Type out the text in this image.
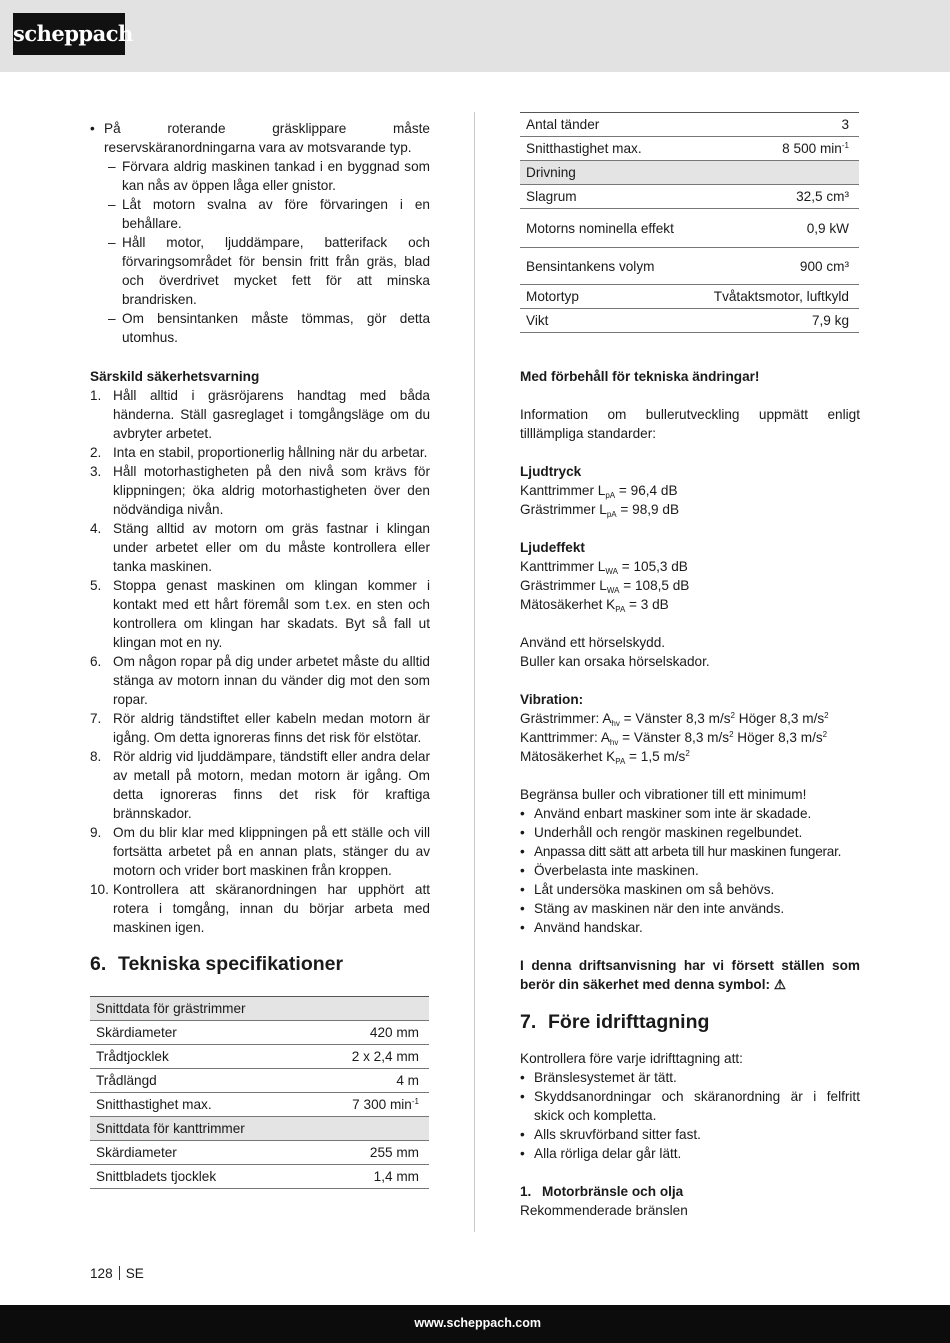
scheppach

• På roterande gräsklippare måste reservskäranordningarna vara av motsvarande typ.

– Förvara aldrig maskinen tankad i en byggnad som kan nås av öppen låga eller gnistor.

– Låt motorn svalna av före förvaringen i en behållare.

– Håll motor, ljuddämpare, batterifack och förvaringsområdet för bensin fritt från gräs, blad och överdrivet mycket fett för att minska brandrisken.

– Om bensintanken måste tömmas, gör detta utomhus.

Särskild säkerhetsvarning

1. Håll alltid i gräsröjarens handtag med båda händerna. Ställ gasreglaget i tomgångsläge om du avbryter arbetet.

2. Inta en stabil, proportionerlig hållning när du arbetar.

3. Håll motorhastigheten på den nivå som krävs för klippningen; öka aldrig motorhastigheten över den nödvändiga nivån.

4. Stäng alltid av motorn om gräs fastnar i klingan under arbetet eller om du måste kontrollera eller tanka maskinen.

5. Stoppa genast maskinen om klingan kommer i kontakt med ett hårt föremål som t.ex. en sten och kontrollera om klingan har skadats. Byt så fall ut klingan mot en ny.

6. Om någon ropar på dig under arbetet måste du alltid stänga av motorn innan du vänder dig mot den som ropar.

7. Rör aldrig tändstiftet eller kabeln medan motorn är igång. Om detta ignoreras finns det risk för elstötar.

8. Rör aldrig vid ljuddämpare, tändstift eller andra delar av metall på motorn, medan motorn är igång. Om detta ignoreras finns det risk för kraftiga brännskador.

9. Om du blir klar med klippningen på ett ställe och vill fortsätta arbetet på en annan plats, stänger du av motorn och vrider bort maskinen från kroppen.

10. Kontrollera att skäranordningen har upphört att rotera i tomgång, innan du börjar arbeta med maskinen igen.

6. Tekniska specifikationer

Snittdata för grästrimmer	
Skärdiameter	420 mm
Trådtjocklek	2 x 2,4 mm
Trådlängd	4 m
Snitthastighet max.	7 300 $\min^{-1}$
Snittdata för kanttrimmer	
Skärdiameter	255 mm
Snittbladets tjocklek	1,4 mm
128 SE
Antal tänder	3
Snitthastighet max.	8 500 $\min^{-1}$
Drivning	
Slagrum	32,5 cm³
Motorns nominella effekt	0,9 kW
Bensintankens volym	900 cm³
Motortyp	Tvåtaktsmotor, luftkyld
Vikt	7,9 kg

Med förbehåll för tekniska ändringar!

Information om bullerutveckling uppmätt enligt tilllämpliga standarder:

Ljudtryck

Kanttrimmer $L_{pA} = 96,4$ dB

Grästrimmer $L_{pA} = 98,9$ dB

Ljudeffekt

Kanttrimmer $L_{WA} = 105,3$ dB

Grästrimmer $L_{WA} = 108,5$ dB

Mätosäkerhet $K_{PA} = 3$ dB

Använd ett hörselskydd.

Buller kan orsaka hörselskador.

Vibration:

Grästrimmer: $A_{hv}$ = Vänster 8,3 $m/s^2$ Höger 8,3 $m/s^2$

Kanttrimmer: $A_{hv}$ = Vänster 8,3 $m/s^2$ Höger 8,3 $m/s^2$

Mätosäkerhet $K_{PA} = 1,5$ $m/s^2$

Begränsa buller och vibrationer till ett minimum!

• Använd enbart maskiner som inte är skadade.

• Underhåll och rengör maskinen regelbundet.

• Anpassa ditt sätt att arbeta till hur maskinen fungerar.

• Överbelasta inte maskinen.

• Låt undersöka maskinen om så behövs.

• Stäng av maskinen när den inte används.

• Använd handskar.

I denna driftsanvisning har vi försett ställen som berör din säkerhet med denna symbol: ⚠

7. Före idrifttagning

Kontrollera före varje idrifttagning att:

• Bränslesystemet är tätt.

• Skyddsanordningar och skäranordning är i felfritt skick och kompletta.

• Alls skruvförband sitter fast.

• Alla rörliga delar går lätt.

1. Motorbränsle och olja

Rekommenderade bränslen

www.scheppach.com
